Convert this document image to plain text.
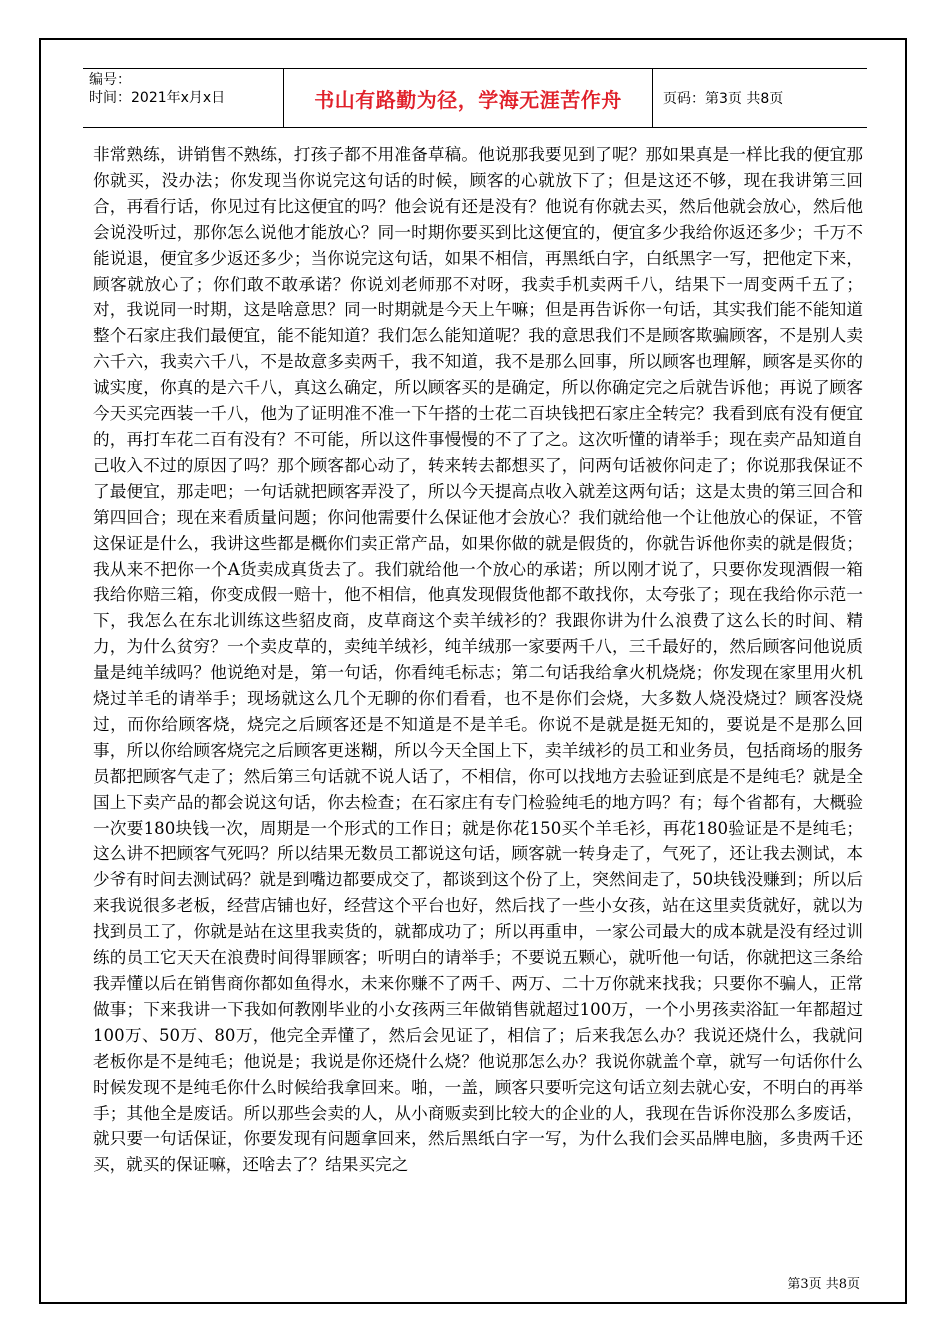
编号：
时间：2021年x月x日	书山有路勤为径，学海无涯苦作舟	页码：第3页 共8页
非常熟练，讲销售不熟练，打孩子都不用准备草稿。他说那我要见到了呢？那如果真是一样比我的便宜那你就买，没办法；你发现当你说完这句话的时候，顾客的心就放下了；但是这还不够，现在我讲第三回合，再看行话，你见过有比这便宜的吗？他会说有还是没有？他说有你就去买，然后他就会放心，然后他会说没听过，那你怎么说他才能放心？同一时期你要买到比这便宜的，便宜多少我给你返还多少；千万不能说退，便宜多少返还多少；当你说完这句话，如果不相信，再黑纸白字，白纸黑字一写，把他定下来，顾客就放心了；你们敢不敢承诺？你说刘老师那不对呀，我卖手机卖两千八，结果下一周变两千五了；对，我说同一时期，这是啥意思？同一时期就是今天上午嘛；但是再告诉你一句话，其实我们能不能知道整个石家庄我们最便宜，能不能知道？我们怎么能知道呢？我的意思我们不是顾客欺骗顾客，不是别人卖六千六，我卖六千八，不是故意多卖两千，我不知道，我不是那么回事，所以顾客也理解，顾客是买你的诚实度，你真的是六千八，真这么确定，所以顾客买的是确定，所以你确定完之后就告诉他；再说了顾客今天买完西装一千八，他为了证明准不准一下午搭的士花二百块钱把石家庄全转完？我看到底有没有便宜的，再打车花二百有没有？不可能，所以这件事慢慢的不了了之。这次听懂的请举手；现在卖产品知道自己收入不过的原因了吗？那个顾客都心动了，转来转去都想买了，问两句话被你问走了；你说那我保证不了最便宜，那走吧；一句话就把顾客弄没了，所以今天提高点收入就差这两句话；这是太贵的第三回合和第四回合；现在来看质量问题；你问他需要什么保证他才会放心？我们就给他一个让他放心的保证，不管这保证是什么，我讲这些都是概你们卖正常产品，如果你做的就是假货的，你就告诉他你卖的就是假货；我从来不把你一个A货卖成真货去了。我们就给他一个放心的承诺；所以刚才说了，只要你发现酒假一箱我给你赔三箱，你变成假一赔十，他不相信，他真发现假货他都不敢找你，太夸张了；现在我给你示范一下，我怎么在东北训练这些貂皮商，皮草商这个卖羊绒衫的？我跟你讲为什么浪费了这么长的时间、精力，为什么贫穷？一个卖皮草的，卖纯羊绒衫，纯羊绒那一家要两千八，三千最好的，然后顾客问他说质量是纯羊绒吗？他说绝对是，第一句话，你看纯毛标志；第二句话我给拿火机烧烧；你发现在家里用火机烧过羊毛的请举手；现场就这么几个无聊的你们看看，也不是你们会烧，大多数人烧没烧过？顾客没烧过，而你给顾客烧，烧完之后顾客还是不知道是不是羊毛。你说不是就是挺无知的，要说是不是那么回事，所以你给顾客烧完之后顾客更迷糊，所以今天全国上下，卖羊绒衫的员工和业务员，包括商场的服务员都把顾客气走了；然后第三句话就不说人话了，不相信，你可以找地方去验证到底是不是纯毛？就是全国上下卖产品的都会说这句话，你去检查；在石家庄有专门检验纯毛的地方吗？有；每个省都有，大概验一次要180块钱一次，周期是一个形式的工作日；就是你花150买个羊毛衫，再花180验证是不是纯毛；这么讲不把顾客气死吗？所以结果无数员工都说这句话，顾客就一转身走了，气死了，还让我去测试，本少爷有时间去测试码？就是到嘴边都要成交了，都谈到这个份了上，突然间走了，50块钱没赚到；所以后来我说很多老板，经营店铺也好，经营这个平台也好，然后找了一些小女孩，站在这里卖货就好，就以为找到员工了，你就是站在这里我卖货的，就都成功了；所以再重申，一家公司最大的成本就是没有经过训练的员工它天天在浪费时间得罪顾客；听明白的请举手；不要说五颗心，就听他一句话，你就把这三条给我弄懂以后在销售商你都如鱼得水，未来你赚不了两千、两万、二十万你就来找我；只要你不骗人，正常做事；下来我讲一下我如何教刚毕业的小女孩两三年做销售就超过100万，一个小男孩卖浴缸一年都超过100万、50万、80万，他完全弄懂了，然后会见证了，相信了；后来我怎么办？我说还烧什么，我就问老板你是不是纯毛；他说是；我说是你还烧什么烧？他说那怎么办？我说你就盖个章，就写一句话你什么时候发现不是纯毛你什么时候给我拿回来。啪，一盖，顾客只要听完这句话立刻去就心安，不明白的再举手；其他全是废话。所以那些会卖的人，从小商贩卖到比较大的企业的人，我现在告诉你没那么多废话，就只要一句话保证，你要发现有问题拿回来，然后黑纸白字一写，为什么我们会买品牌电脑，多贵两千还买，就买的保证嘛，还啥去了？结果买完之
第3页 共8页
